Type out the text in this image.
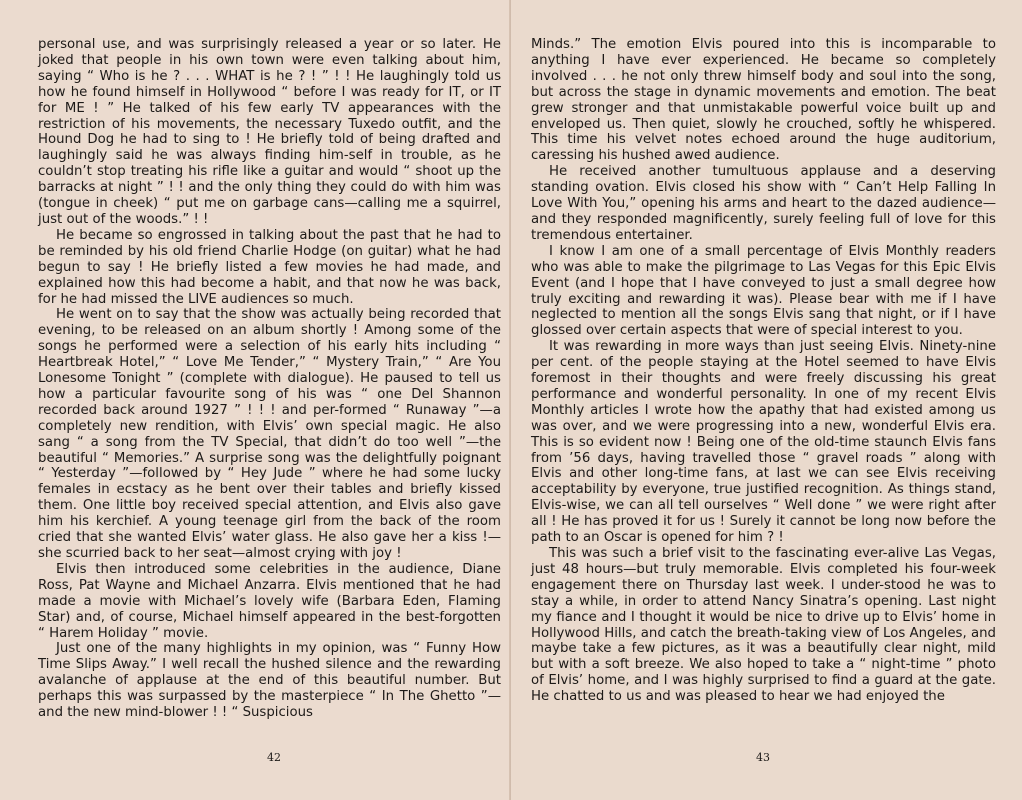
personal use, and was surprisingly released a year or so later. He joked that people in his own town were even talking about him, saying “ Who is he ? . . . WHAT is he ? ! ” ! ! He laughingly told us how he found himself in Hollywood “ before I was ready for IT, or IT for ME ! ” He talked of his few early TV appearances with the restriction of his movements, the necessary Tuxedo outfit, and the Hound Dog he had to sing to ! He briefly told of being drafted and laughingly said he was always finding him-self in trouble, as he couldn’t stop treating his rifle like a guitar and would “ shoot up the barracks at night ” ! ! and the only thing they could do with him was (tongue in cheek) “ put me on garbage cans—calling me a squirrel, just out of the woods.” ! !

He became so engrossed in talking about the past that he had to be reminded by his old friend Charlie Hodge (on guitar) what he had begun to say ! He briefly listed a few movies he had made, and explained how this had become a habit, and that now he was back, for he had missed the LIVE audiences so much.

He went on to say that the show was actually being recorded that evening, to be released on an album shortly ! Among some of the songs he performed were a selection of his early hits including “ Heartbreak Hotel,” “ Love Me Tender,” “ Mystery Train,” “ Are You Lonesome Tonight ” (complete with dialogue). He paused to tell us how a particular favourite song of his was “ one Del Shannon recorded back around 1927 ” ! ! ! and per-formed “ Runaway ”—a completely new rendition, with Elvis’ own special magic. He also sang “ a song from the TV Special, that didn’t do too well ”—the beautiful “ Memories.” A surprise song was the delightfully poignant “ Yesterday ”—followed by “ Hey Jude ” where he had some lucky females in ecstacy as he bent over their tables and briefly kissed them. One little boy received special attention, and Elvis also gave him his kerchief. A young teenage girl from the back of the room cried that she wanted Elvis’ water glass. He also gave her a kiss !—she scurried back to her seat—almost crying with joy !

Elvis then introduced some celebrities in the audience, Diane Ross, Pat Wayne and Michael Anzarra. Elvis mentioned that he had made a movie with Michael’s lovely wife (Barbara Eden, Flaming Star) and, of course, Michael himself appeared in the best-forgotten “ Harem Holiday ” movie.

Just one of the many highlights in my opinion, was “ Funny How Time Slips Away.” I well recall the hushed silence and the rewarding avalanche of applause at the end of this beautiful number. But perhaps this was surpassed by the masterpiece “ In The Ghetto ”—and the new mind-blower ! ! “ Suspicious

42

Minds.” The emotion Elvis poured into this is incomparable to anything I have ever experienced. He became so completely involved . . . he not only threw himself body and soul into the song, but across the stage in dynamic movements and emotion. The beat grew stronger and that unmistakable powerful voice built up and enveloped us. Then quiet, slowly he crouched, softly he whispered. This time his velvet notes echoed around the huge auditorium, caressing his hushed awed audience.

He received another tumultuous applause and a deserving standing ovation. Elvis closed his show with “ Can’t Help Falling In Love With You,” opening his arms and heart to the dazed audience—and they responded magnificently, surely feeling full of love for this tremendous entertainer.

I know I am one of a small percentage of Elvis Monthly readers who was able to make the pilgrimage to Las Vegas for this Epic Elvis Event (and I hope that I have conveyed to just a small degree how truly exciting and rewarding it was). Please bear with me if I have neglected to mention all the songs Elvis sang that night, or if I have glossed over certain aspects that were of special interest to you.

It was rewarding in more ways than just seeing Elvis. Ninety-nine per cent. of the people staying at the Hotel seemed to have Elvis foremost in their thoughts and were freely discussing his great performance and wonderful personality. In one of my recent Elvis Monthly articles I wrote how the apathy that had existed among us was over, and we were progressing into a new, wonderful Elvis era. This is so evident now ! Being one of the old-time staunch Elvis fans from ’56 days, having travelled those “ gravel roads ” along with Elvis and other long-time fans, at last we can see Elvis receiving acceptability by everyone, true justified recognition. As things stand, Elvis-wise, we can all tell ourselves “ Well done ” we were right after all ! He has proved it for us ! Surely it cannot be long now before the path to an Oscar is opened for him ? !

This was such a brief visit to the fascinating ever-alive Las Vegas, just 48 hours—but truly memorable. Elvis completed his four-week engagement there on Thursday last week. I under-stood he was to stay a while, in order to attend Nancy Sinatra’s opening. Last night my fiance and I thought it would be nice to drive up to Elvis’ home in Hollywood Hills, and catch the breath-taking view of Los Angeles, and maybe take a few pictures, as it was a beautifully clear night, mild but with a soft breeze. We also hoped to take a “ night-time ” photo of Elvis’ home, and I was highly surprised to find a guard at the gate. He chatted to us and was pleased to hear we had enjoyed the

43
